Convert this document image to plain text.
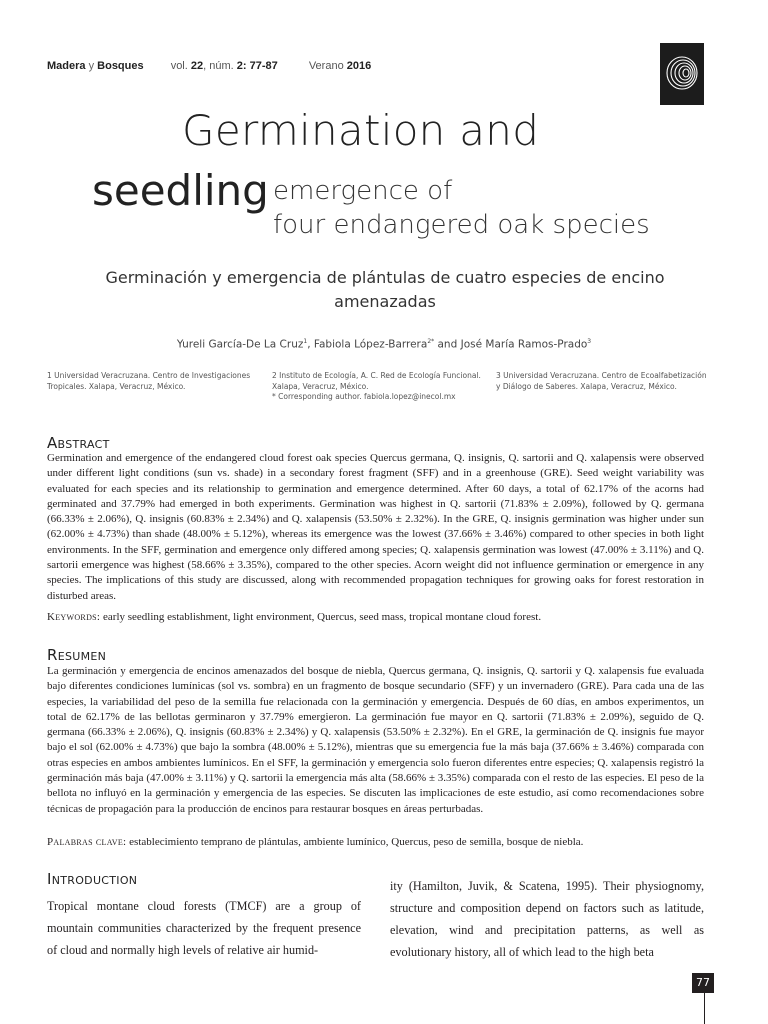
Madera y Bosques vol. 22, núm. 2: 77-87	Verano 2016
Germination and
seedling emergence of
four endangered oak species
Germinación y emergencia de plántulas de cuatro especies de encino amenazadas
Yureli García-De La Cruz$^1$, Fabiola López-Barrera$^{2*}$ and José María Ramos-Prado$^3$
1 Universidad Veracruzana. Centro de Investigaciones Tropicales. Xalapa, Veracruz, México.
2 Instituto de Ecología, A. C. Red de Ecología Funcional. Xalapa, Veracruz, México.
* Corresponding author. fabiola.lopez@inecol.mx
3 Universidad Veracruzana. Centro de Ecoalfabetización y Diálogo de Saberes. Xalapa, Veracruz, México.
Abstract
Germination and emergence of the endangered cloud forest oak species Quercus germana, Q. insignis, Q. sartorii and Q. xalapensis were observed under different light conditions (sun vs. shade) in a secondary forest fragment (SFF) and in a greenhouse (GRE). Seed weight variability was evaluated for each species and its relationship to germination and emergence determined. After 60 days, a total of 62.17% of the acorns had germinated and 37.79% had emerged in both experiments. Germination was highest in Q. sartorii (71.83% ± 2.09%), followed by Q. germana (66.33% ± 2.06%), Q. insignis (60.83% ± 2.34%) and Q. xalapensis (53.50% ± 2.32%). In the GRE, Q. insignis germination was higher under sun (62.00% ± 4.73%) than shade (48.00% ± 5.12%), whereas its emergence was the lowest (37.66% ± 3.46%) compared to other species in both light environments. In the SFF, germination and emergence only differed among species; Q. xalapensis germination was lowest (47.00% ± 3.11%) and Q. sartorii emergence was highest (58.66% ± 3.35%), compared to the other species. Acorn weight did not influence germination or emergence in any species. The implications of this study are discussed, along with recommended propagation techniques for growing oaks for forest restoration in disturbed areas.
Keywords: early seedling establishment, light environment, Quercus, seed mass, tropical montane cloud forest.
Resumen
La germinación y emergencia de encinos amenazados del bosque de niebla, Quercus germana, Q. insignis, Q. sartorii y Q. xalapensis fue evaluada bajo diferentes condiciones lumínicas (sol vs. sombra) en un fragmento de bosque secundario (SFF) y un invernadero (GRE). Para cada una de las especies, la variabilidad del peso de la semilla fue relacionada con la germinación y emergencia. Después de 60 días, en ambos experimentos, un total de 62.17% de las bellotas germinaron y 37.79% emergieron. La germinación fue mayor en Q. sartorii (71.83% ± 2.09%), seguido de Q. germana (66.33% ± 2.06%), Q. insignis (60.83% ± 2.34%) y Q. xalapensis (53.50% ± 2.32%). En el GRE, la germinación de Q. insignis fue mayor bajo el sol (62.00% ± 4.73%) que bajo la sombra (48.00% ± 5.12%), mientras que su emergencia fue la más baja (37.66% ± 3.46%) comparada con otras especies en ambos ambientes lumínicos. En el SFF, la germinación y emergencia solo fueron diferentes entre especies; Q. xalapensis registró la germinación más baja (47.00% ± 3.11%) y Q. sartorii la emergencia más alta (58.66% ± 3.35%) comparada con el resto de las especies. El peso de la bellota no influyó en la germinación y emergencia de las especies. Se discuten las implicaciones de este estudio, así como recomendaciones sobre técnicas de propagación para la producción de encinos para restaurar bosques en áreas perturbadas.
Palabras clave: establecimiento temprano de plántulas, ambiente lumínico, Quercus, peso de semilla, bosque de niebla.
Introduction
Tropical montane cloud forests (TMCF) are a group of mountain communities characterized by the frequent presence of cloud and normally high levels of relative air humid-
ity (Hamilton, Juvik, & Scatena, 1995). Their physiognomy, structure and composition depend on factors such as latitude, elevation, wind and precipitation patterns, as well as evolutionary history, all of which lead to the high beta
77
